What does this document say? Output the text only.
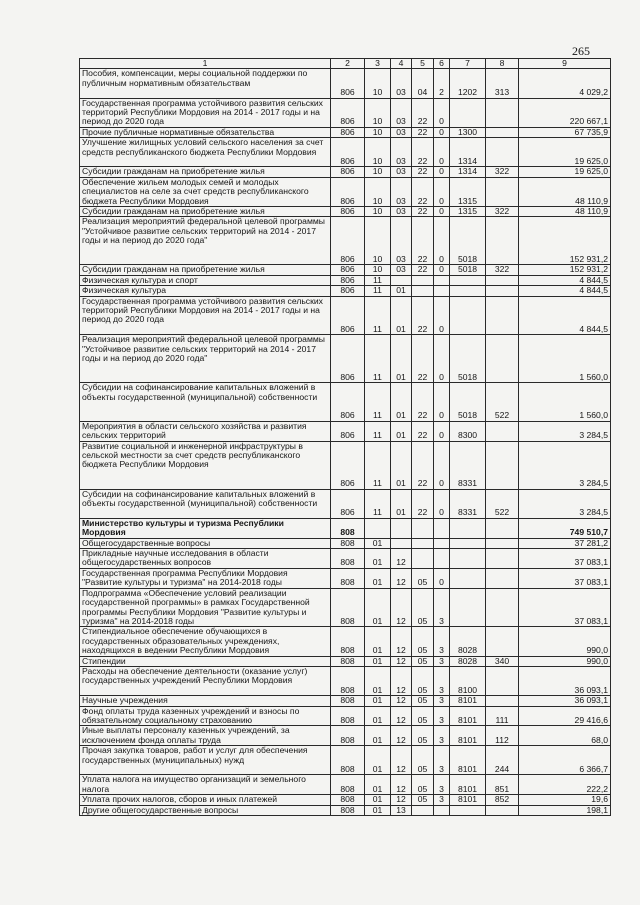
265
1	2	3	4	5	6	7	8	9
Пособия, компенсации, меры социальной поддержки по публичным нормативным обязательствам	806	10	03	04	2	1202	313	4 029,2
Государственная программа устойчивого развития сельских территорий Республики Мордовия на 2014 - 2017 годы и на период до 2020 года	806	10	03	22	0			220 667,1
Прочие публичные нормативные обязательства	806	10	03	22	0	1300		67 735,9
Улучшение жилищных условий сельского населения за счет средств республиканского бюджета Республики Мордовия	806	10	03	22	0	1314		19 625,0
Субсидии гражданам на приобретение жилья	806	10	03	22	0	1314	322	19 625,0
Обеспечение жильем молодых семей и молодых специалистов на селе за счет средств республиканского бюджета Республики Мордовия	806	10	03	22	0	1315		48 110,9
Субсидии гражданам на приобретение жилья	806	10	03	22	0	1315	322	48 110,9
Реализация мероприятий федеральной целевой программы "Устойчивое развитие сельских территорий на 2014 - 2017 годы и на период до 2020 года"	806	10	03	22	0	5018		152 931,2
Субсидии гражданам на приобретение жилья	806	10	03	22	0	5018	322	152 931,2
Физическая культура и спорт	806	11						4 844,5
Физическая культура	806	11	01					4 844,5
Государственная программа устойчивого развития сельских территорий Республики Мордовия на 2014 - 2017 годы и на период до 2020 года	806	11	01	22	0			4 844,5
Реализация мероприятий федеральной целевой программы "Устойчивое развитие сельских территорий на 2014 - 2017 годы и на период до 2020 года"	806	11	01	22	0	5018		1 560,0
Субсидии на софинансирование капитальных вложений в объекты государственной (муниципальной) собственности	806	11	01	22	0	5018	522	1 560,0
Мероприятия в области сельского хозяйства и развития сельских территорий	806	11	01	22	0	8300		3 284,5
Развитие социальной и инженерной инфраструктуры в сельской местности за счет средств республиканского бюджета Республики Мордовия	806	11	01	22	0	8331		3 284,5
Субсидии на софинансирование капитальных вложений в объекты государственной (муниципальной) собственности	806	11	01	22	0	8331	522	3 284,5
Министерство культуры и туризма Республики Мордовия	808							749 510,7
Общегосударственные вопросы	808	01						37 281,2
Прикладные научные исследования в области общегосударственных вопросов	808	01	12					37 083,1
Государственная программа Республики Мордовия "Развитие культуры и туризма" на 2014-2018 годы	808	01	12	05	0			37 083,1
Подпрограмма «Обеспечение условий реализации государственной программы» в рамках Государственной программы Республики Мордовия "Развитие культуры и туризма" на 2014-2018 годы	808	01	12	05	3			37 083,1
Стипендиальное обеспечение обучающихся в государственных образовательных учреждениях, находящихся в ведении Республики Мордовия	808	01	12	05	3	8028		990,0
Стипендии	808	01	12	05	3	8028	340	990,0
Расходы на обеспечение деятельности (оказание услуг) государственных учреждений Республики Мордовия	808	01	12	05	3	8100		36 093,1
Научные учреждения	808	01	12	05	3	8101		36 093,1
Фонд оплаты труда казенных учреждений и взносы по обязательному социальному страхованию	808	01	12	05	3	8101	111	29 416,6
Иные выплаты персоналу казенных учреждений, за исключением фонда оплаты труда	808	01	12	05	3	8101	112	68,0
Прочая закупка товаров, работ и услуг для обеспечения государственных (муниципальных) нужд	808	01	12	05	3	8101	244	6 366,7
Уплата налога на имущество организаций и земельного налога	808	01	12	05	3	8101	851	222,2
Уплата прочих налогов, сборов и иных платежей	808	01	12	05	3	8101	852	19,6
Другие общегосударственные вопросы	808	01	13					198,1
